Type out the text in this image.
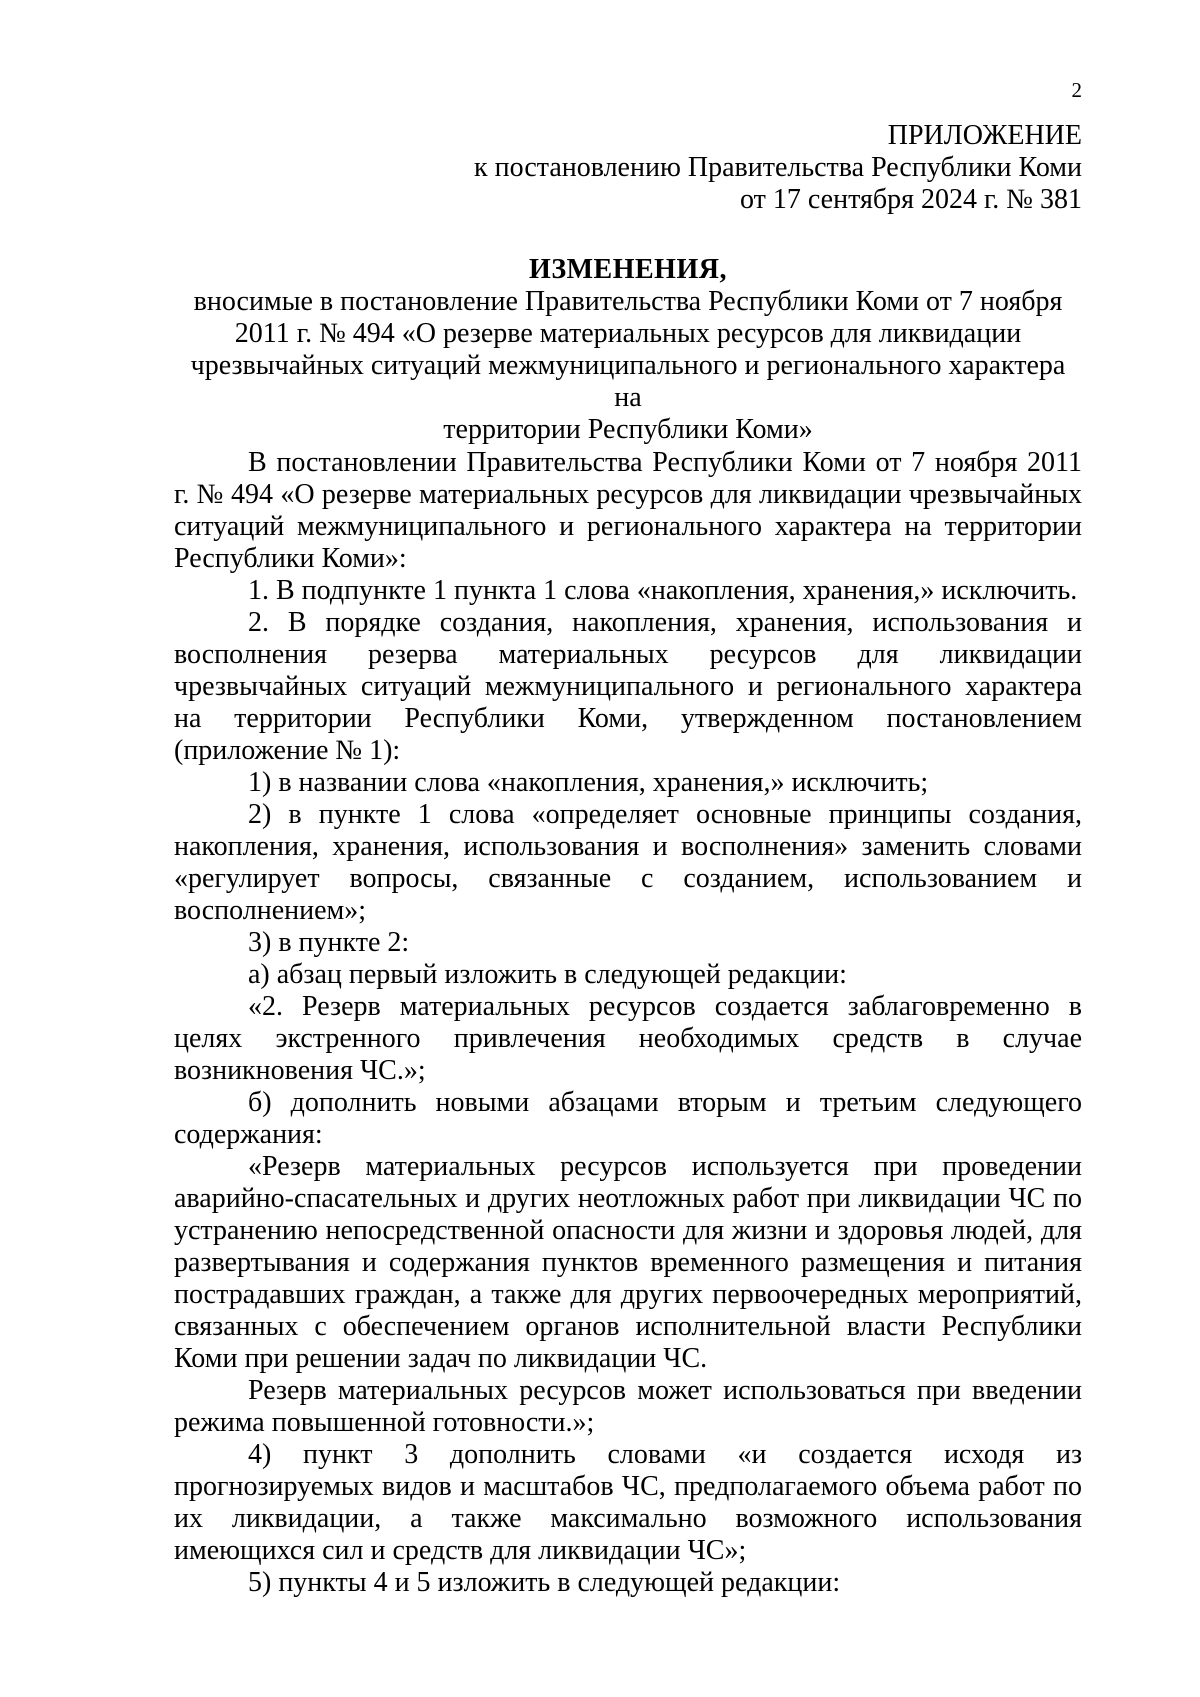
2
ПРИЛОЖЕНИЕ
к постановлению Правительства Республики Коми
от 17 сентября 2024 г. № 381
ИЗМЕНЕНИЯ,
вносимые в постановление Правительства Республики Коми от 7 ноября
2011 г. № 494 «О резерве материальных ресурсов для ликвидации
чрезвычайных ситуаций межмуниципального и регионального характера на
территории Республики Коми»

В постановлении Правительства Республики Коми от 7 ноября 2011 г. № 494 «О резерве материальных ресурсов для ликвидации чрезвычайных ситуаций межмуниципального и регионального характера на территории Республики Коми»:

1. В подпункте 1 пункта 1 слова «накопления, хранения,» исключить.

2. В порядке создания, накопления, хранения, использования и восполнения резерва материальных ресурсов для ликвидации чрезвычайных ситуаций межмуниципального и регионального характера на территории Республики Коми, утвержденном постановлением (приложение № 1):

1) в названии слова «накопления, хранения,» исключить;

2) в пункте 1 слова «определяет основные принципы создания, накопления, хранения, использования и восполнения» заменить словами «регулирует вопросы, связанные с созданием, использованием и восполнением»;

3) в пункте 2:

а) абзац первый изложить в следующей редакции:

«2. Резерв материальных ресурсов создается заблаговременно в целях экстренного привлечения необходимых средств в случае возникновения ЧС.»;

б) дополнить новыми абзацами вторым и третьим следующего содержания:

«Резерв материальных ресурсов используется при проведении аварийно-спасательных и других неотложных работ при ликвидации ЧС по устранению непосредственной опасности для жизни и здоровья людей, для развертывания и содержания пунктов временного размещения и питания пострадавших граждан, а также для других первоочередных мероприятий, связанных с обеспечением органов исполнительной власти Республики Коми при решении задач по ликвидации ЧС.

Резерв материальных ресурсов может использоваться при введении режима повышенной готовности.»;

4) пункт 3 дополнить словами «и создается исходя из прогнозируемых видов и масштабов ЧС, предполагаемого объема работ по их ликвидации, а также максимально возможного использования имеющихся сил и средств для ликвидации ЧС»;

5) пункты 4 и 5 изложить в следующей редакции:
